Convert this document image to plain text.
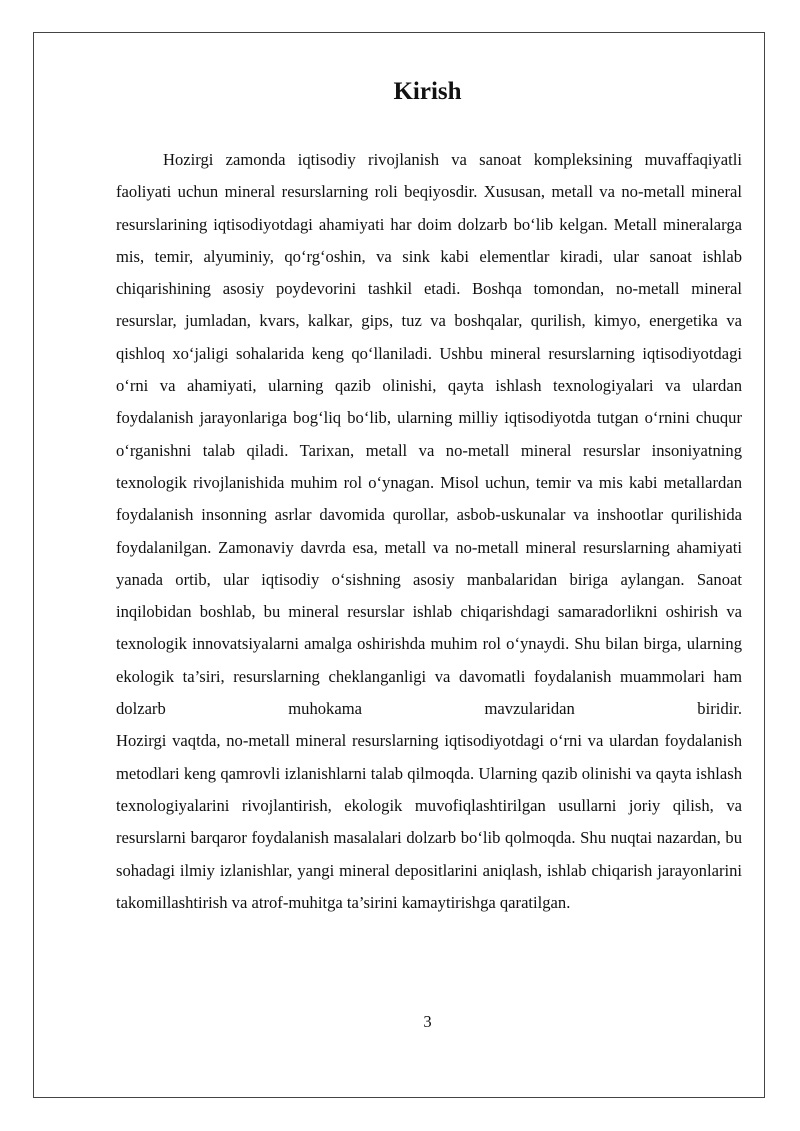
Kirish

Hozirgi zamonda iqtisodiy rivojlanish va sanoat kompleksining muvaffaqiyatli faoliyati uchun mineral resurslarning roli beqiyosdir. Xususan, metall va no-metall mineral resurslarining iqtisodiyotdagi ahamiyati har doim dolzarb bo‘lib kelgan. Metall mineralarga mis, temir, alyuminiy, qo‘rg‘oshin, va sink kabi elementlar kiradi, ular sanoat ishlab chiqarishining asosiy poydevorini tashkil etadi. Boshqa tomondan, no-metall mineral resurslar, jumladan, kvars, kalkar, gips, tuz va boshqalar, qurilish, kimyo, energetika va qishloq xo‘jaligi sohalarida keng qo‘llaniladi. Ushbu mineral resurslarning iqtisodiyotdagi o‘rni va ahamiyati, ularning qazib olinishi, qayta ishlash texnologiyalari va ulardan foydalanish jarayonlariga bog‘liq bo‘lib, ularning milliy iqtisodiyotda tutgan o‘rnini chuqur o‘rganishni talab qiladi. Tarixan, metall va no-metall mineral resurslar insoniyatning texnologik rivojlanishida muhim rol o‘ynagan. Misol uchun, temir va mis kabi metallardan foydalanish insonning asrlar davomida qurollar, asbob-uskunalar va inshootlar qurilishida foydalanilgan. Zamonaviy davrda esa, metall va no-metall mineral resurslarning ahamiyati yanada ortib, ular iqtisodiy o‘sishning asosiy manbalaridan biriga aylangan. Sanoat inqilobidan boshlab, bu mineral resurslar ishlab chiqarishdagi samaradorlikni oshirish va texnologik innovatsiyalarni amalga oshirishda muhim rol o‘ynaydi. Shu bilan birga, ularning ekologik ta’siri, resurslarning cheklanganligi va davomatli foydalanish muammolari ham dolzarb muhokama mavzularidan biridir.

Hozirgi vaqtda, no-metall mineral resurslarning iqtisodiyotdagi o‘rni va ulardan foydalanish metodlari keng qamrovli izlanishlarni talab qilmoqda. Ularning qazib olinishi va qayta ishlash texnologiyalarini rivojlantirish, ekologik muvofiqlashtirilgan usullarni joriy qilish, va resurslarni barqaror foydalanish masalalari dolzarb bo‘lib qolmoqda. Shu nuqtai nazardan, bu sohadagi ilmiy izlanishlar, yangi mineral depositlarini aniqlash, ishlab chiqarish jarayonlarini takomillashtirish va atrof-muhitga ta’sirini kamaytirishga qaratilgan.

3
